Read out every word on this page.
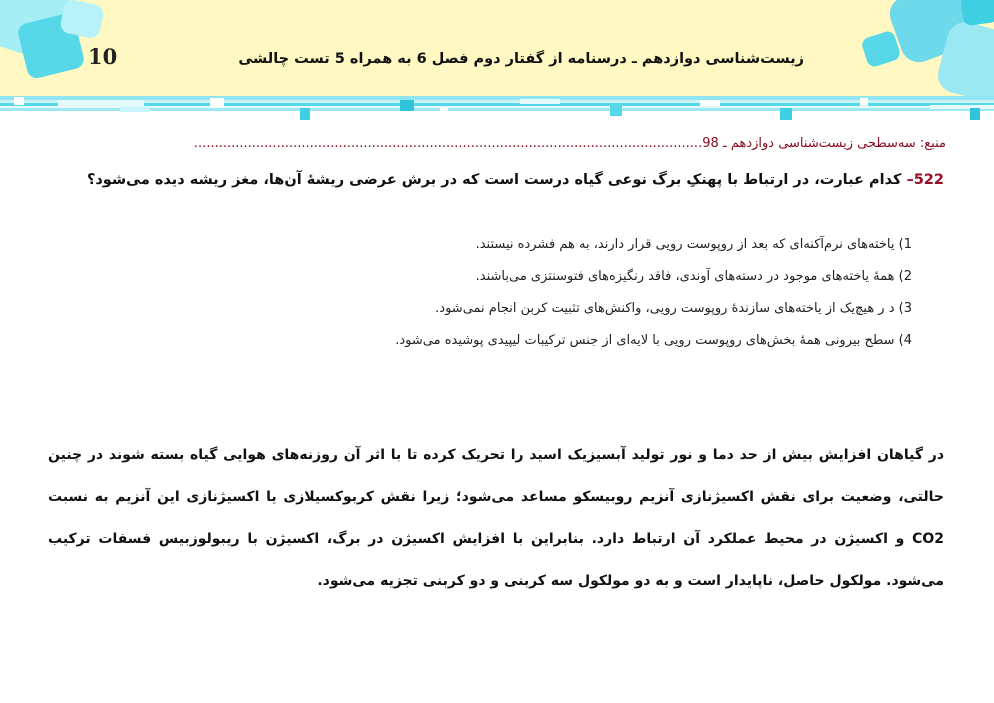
10	زیست‌شناسی دوازدهم ـ درسنامه از گفتار دوم فصل 6 به همراه 5 تست چالشی
منبع: سه‌سطحی زیست‌شناسی دوازدهم ـ 98...........................................................................................................................
522– کدام عبارت، در ارتباط با پهنکِ برگ نوعی گیاه درست است که در برش عرضی ریشهٔ آن‌ها، مغز ریشه دیده می‌شود؟
1) یاخته‌های نرم‌آکنه‌ای که بعد از روپوست رویی قرار دارند، به هم فشرده نیستند.
2) همهٔ یاخته‌های موجود در دسته‌های آوندی، فاقد رنگیزه‌های فتوسنتزی می‌باشند.
3) د ر هیچ‌یک از یاخته‌های سازندهٔ روپوست رویی، واکنش‌های تثبیت کربن انجام نمی‌شود.
4) سطح بیرونی همهٔ بخش‌های روپوست رویی با لایه‌ای از جنس ترکیبات لیپیدی پوشیده می‌شود.
در گیاهان افزایش بیش از حد دما و نور تولید آبسیزیک اسید را تحریک کرده تا با اثر آن روزنه‌های هوایی گیاه بسته شوند در چنین حالتی، وضعیت برای نقش اکسیژنازی آنزیم روبیسکو مساعد می‌شود؛ زیرا نقش کربوکسیلازی یا اکسیژنازی این آنزیم به نسبت CO2 و اکسیژن در محیط عملکرد آن ارتباط دارد. بنابراین با افزایش اکسیژن در برگ، اکسیژن با ریبولوزبیس فسفات ترکیب می‌شود. مولکول حاصل، ناپایدار است و به دو مولکول سه کربنی و دو کربنی تجزیه می‌شود.
